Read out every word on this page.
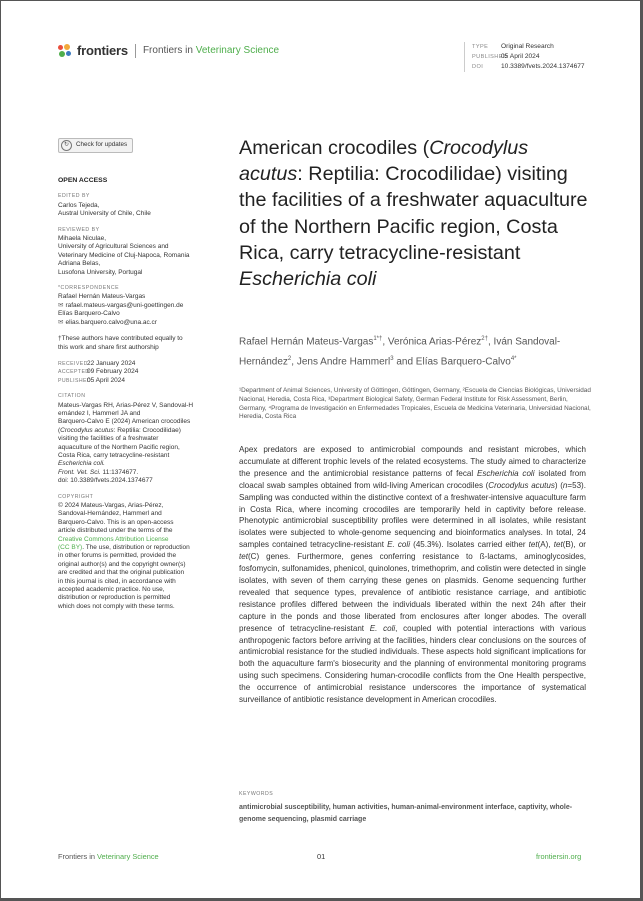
frontiers Frontiers in Veterinary Science	TYPE Original Research
PUBLISHED05 April 2024
DOI	10.3389/fvets.2024.1374677
↻	Check for updates
OPEN ACCESS
EDITED BY
Carlos Tejeda,
Austral University of Chile, Chile
REVIEWED BY
Mihaela Niculae,
University of Agricultural Sciences and
Veterinary Medicine of Cluj-Napoca, Romania
Adriana Belas,
Lusofona University, Portugal
*CORRESPONDENCE
Rafael Hernán Mateus-Vargas
✉ rafael.mateus-vargas@uni-goettingen.de
Elías Barquero-Calvo
✉ elias.barquero.calvo@una.ac.cr
†These authors have contributed equally to
this work and share first authorship
RECEIVED22 January 2024
ACCEPTED09 February 2024
PUBLISHED05 April 2024
CITATION
Mateus-Vargas RH, Arias-Pérez V, Sandoval-H
ernández I, Hammerl JA and
Barquero-Calvo E (2024) American crocodiles
(Crocodylus acutus: Reptilia: Crocodilidae)
visiting the facilities of a freshwater
aquaculture of the Northern Pacific region,
Costa Rica, carry tetracycline-resistant
Escherichia coli.
Front. Vet. Sci. 11:1374677.
doi: 10.3389/fvets.2024.1374677
COPYRIGHT
© 2024 Mateus-Vargas, Arias-Pérez,
Sandoval-Hernández, Hammerl and
Barquero-Calvo. This is an open-access
article distributed under the terms of the
Creative Commons Attribution License
(CC BY). The use, distribution or reproduction
in other forums is permitted, provided the
original author(s) and the copyright owner(s)
are credited and that the original publication
in this journal is cited, in accordance with
accepted academic practice. No use,
distribution or reproduction is permitted
which does not comply with these terms.
American crocodiles (Crocodylus acutus: Reptilia: Crocodilidae) visiting the facilities of a freshwater aquaculture of the Northern Pacific region, Costa Rica, carry tetracycline-resistant Escherichia coli
Rafael Hernán Mateus-Vargas$^{1*\dagger}$, Verónica Arias-Pérez$^{2\dagger}$, Iván Sandoval-Hernández$^2$, Jens Andre Hammerl$^3$ and Elías Barquero-Calvo$^{4*}$
¹Department of Animal Sciences, University of Göttingen, Göttingen, Germany, ²Escuela de Ciencias Biológicas, Universidad Nacional, Heredia, Costa Rica, ³Department Biological Safety, German Federal Institute for Risk Assessment, Berlin, Germany, ⁴Programa de Investigación en Enfermedades Tropicales, Escuela de Medicina Veterinaria, Universidad Nacional, Heredia, Costa Rica
Apex predators are exposed to antimicrobial compounds and resistant microbes, which accumulate at different trophic levels of the related ecosystems. The study aimed to characterize the presence and the antimicrobial resistance patterns of fecal Escherichia coli isolated from cloacal swab samples obtained from wild-living American crocodiles (Crocodylus acutus) (n=53). Sampling was conducted within the distinctive context of a freshwater-intensive aquaculture farm in Costa Rica, where incoming crocodiles are temporarily held in captivity before release. Phenotypic antimicrobial susceptibility profiles were determined in all isolates, while resistant isolates were subjected to whole-genome sequencing and bioinformatics analyses. In total, 24 samples contained tetracycline-resistant E. coli (45.3%). Isolates carried either tet(A), tet(B), or tet(C) genes. Furthermore, genes conferring resistance to ß-lactams, aminoglycosides, fosfomycin, sulfonamides, phenicol, quinolones, trimethoprim, and colistin were detected in single isolates, with seven of them carrying these genes on plasmids. Genome sequencing further revealed that sequence types, prevalence of antibiotic resistance carriage, and antibiotic resistance profiles differed between the individuals liberated within the next 24h after their capture in the ponds and those liberated from enclosures after longer abodes. The overall presence of tetracycline-resistant E. coli, coupled with potential interactions with various anthropogenic factors before arriving at the facilities, hinders clear conclusions on the sources of antimicrobial resistance for the studied individuals. These aspects hold significant implications for both the aquaculture farm's biosecurity and the planning of environmental monitoring programs using such specimens. Considering human-crocodile conflicts from the One Health perspective, the occurrence of antimicrobial resistance underscores the importance of systematical surveillance of antibiotic resistance development in American crocodiles.
KEYWORDS
antimicrobial susceptibility, human activities, human-animal-environment interface, captivity, whole-genome sequencing, plasmid carriage
Frontiers in Veterinary Science	01	frontiersin.org
